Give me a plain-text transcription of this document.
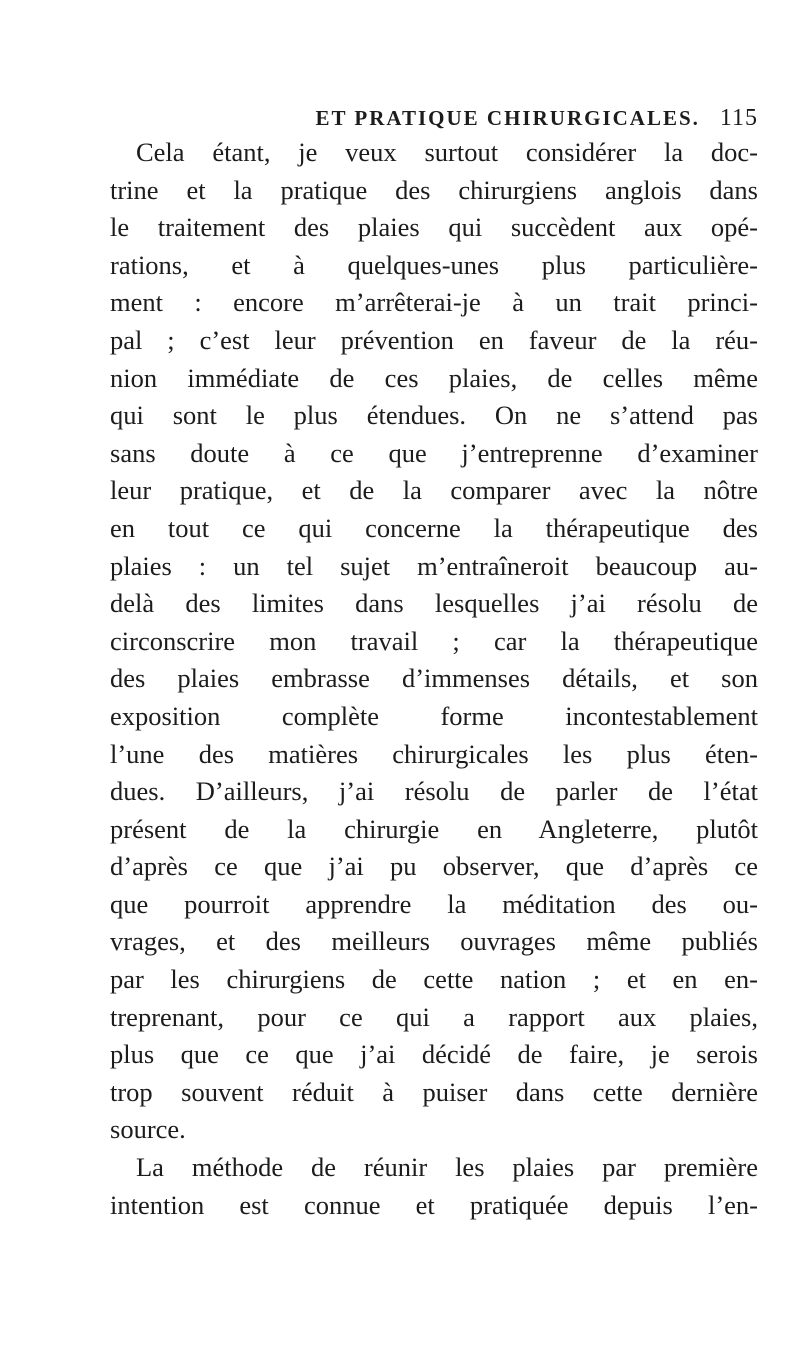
ET PRATIQUE CHIRURGICALES. 115
Cela étant, je veux surtout considérer la doc-
trine et la pratique des chirurgiens anglois dans
le traitement des plaies qui succèdent aux opé-
rations, et à quelques-unes plus particulière-
ment : encore m’arrêterai-je à un trait princi-
pal ; c’est leur prévention en faveur de la réu-
nion immédiate de ces plaies, de celles même
qui sont le plus étendues. On ne s’attend pas
sans doute à ce que j’entreprenne d’examiner
leur pratique, et de la comparer avec la nôtre
en tout ce qui concerne la thérapeutique des
plaies : un tel sujet m’entraîneroit beaucoup au-
delà des limites dans lesquelles j’ai résolu de
circonscrire mon travail ; car la thérapeutique
des plaies embrasse d’immenses détails, et son
exposition complète forme incontestablement
l’une des matières chirurgicales les plus éten-
dues. D’ailleurs, j’ai résolu de parler de l’état
présent de la chirurgie en Angleterre, plutôt
d’après ce que j’ai pu observer, que d’après ce
que pourroit apprendre la méditation des ou-
vrages, et des meilleurs ouvrages même publiés
par les chirurgiens de cette nation ; et en en-
treprenant, pour ce qui a rapport aux plaies,
plus que ce que j’ai décidé de faire, je serois
trop souvent réduit à puiser dans cette dernière
source.
La méthode de réunir les plaies par première
intention est connue et pratiquée depuis l’en-
